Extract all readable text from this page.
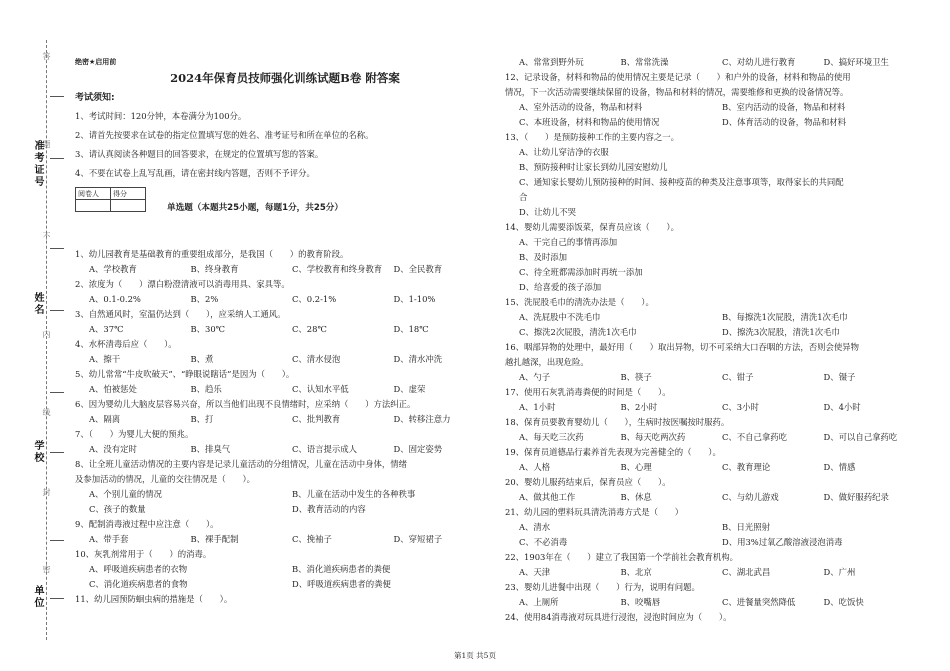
答
题
不
内
线
封
密
准考证号
姓名
学校
单位
绝密★启用前
2024年保育员技师强化训练试题B卷 附答案
考试须知:
1、考试时间：120分钟，本卷满分为100分。
2、请首先按要求在试卷的指定位置填写您的姓名、准考证号和所在单位的名称。
3、请认真阅读各种题目的回答要求，在规定的位置填写您的答案。
4、不要在试卷上乱写乱画，请在密封线内答题，否则不予评分。
阅卷人	得分

单选题（本题共25小题，每题1分，共25分）
1、幼儿园教育是基础教育的重要组成部分，是我国（　　）的教育阶段。
A、学校教育	B、终身教育	C、学校教育和终身教育	D、全民教育
2、浓度为（　　）漂白粉澄清液可以消毒用具、家具等。
A、0.1-0.2%	B、2%	C、0.2-1%	D、1-10%
3、自然通风时，室温仍达到（　　），应采纳人工通风。
A、37℃	B、30℃	C、28℃	D、18℃
4、水杯清毒后应（　　）。
A、擦干	B、煮	C、清水侵泡	D、清水冲洗
5、幼儿常常“牛皮吹破天”、“睁眼说瞎话”是因为（　　）。
A、怕被惩处	B、趋乐	C、认知水平低	D、虚荣
6、因为婴幼儿大脑皮层容易兴奋，所以当他们出现不良情绪时，应采纳（　　）方法纠正。
A、隔离	B、打	C、批判教育	D、转移注意力
7、（　　）为婴儿大便的预兆。
A、没有定时	B、排臭气	C、语言提示成人	D、固定姿势
8、让全班儿童活动情况的主要内容是记录儿童活动的分组情况，儿童在活动中身体，情绪
及参加活动的情况，儿童的交往情况是（　　）。
A、个别儿童的情况	B、儿童在活动中发生的各种秩事
C、孩子的数量	D、教育活动的内容
9、配制消毒液过程中应注意（　　）。
A、带手套	B、裸手配制	C、挽袖子	D、穿短裙子
10、灰乳剂常用于（　　）的消毒。
A、呼吸道疾病患者的衣物	B、消化道疾病患者的粪便
C、消化道疾病患者的食物	D、呼吸道疾病患者的粪便
11、幼儿园预防蛔虫病的措施是（　　）。
A、常常到野外玩	B、常常洗澡	C、对幼儿进行教育	D、搞好环境卫生
12、记录设备，材料和物品的使用情况主要是记录（　　）和户外的设备，材料和物品的使用
情况，下一次活动需要继续保留的设备，物品和材料的情况，需要维修和更换的设备情况等。
A、室外活动的设备，物品和材料	B、室内活动的设备，物品和材料
C、本班设备，材料和物品的使用情况	D、体育活动的设备，物品和材料
13、（　　）是预防接种工作的主要内容之一。
A、让幼儿穿洁净的衣服
B、预防接种时让家长到幼儿园安慰幼儿
C、通知家长婴幼儿预防接种的时间、接种疫苗的种类及注意事项等，取得家长的共同配
合
D、让幼儿不哭
14、婴幼儿需要添饭菜，保育员应该（　　）。
A、干完自己的事情再添加
B、及时添加
C、待全班都需添加时再统一添加
D、给喜爱的孩子添加
15、洗屁股毛巾的清洗办法是（　　）。
A、洗屁股中不洗毛巾	B、每擦洗1次屁股，清洗1次毛巾
C、擦洗2次屁股，清洗1次毛巾	D、擦洗3次屁股，清洗1次毛巾
16、咽部异物的处理中，最好用（　　）取出异物，切不可采纳大口吞咽的方法，否则会使异物
越扎越深，出现危险。
A、勺子	B、筷子	C、钳子	D、镊子
17、使用石灰乳消毒粪便的时间是（　　）。
A、1小时	B、2小时	C、3小时	D、4小时
18、保育员要教育婴幼儿（　　），生病时按医嘱按时服药。
A、每天吃三次药	B、每天吃两次药	C、不自己拿药吃	D、可以自己拿药吃
19、保育员道德品行素养首先表现为完善健全的（　　）。
A、人格	B、心理	C、教育理论	D、情感
20、婴幼儿服药结束后，保育员应（　　）。
A、做其他工作	B、休息	C、与幼儿游戏	D、做好服药纪录
21、幼儿园的塑料玩具清洗消毒方式是（　　）
A、清水	B、日光照射
C、不必消毒	D、用3%过氧乙酸溶液浸泡消毒
22、1903年在（　　）建立了我国第一个学前社会教育机构。
A、天津	B、北京	C、湖北武昌	D、广州
23、婴幼儿进餐中出现（　　）行为，说明有问题。
A、上厕所	B、咬嘴唇	C、进餐量突然降低	D、吃饭快
24、使用84消毒液对玩具进行浸泡，浸泡时间应为（　　）。
第1页 共5页
